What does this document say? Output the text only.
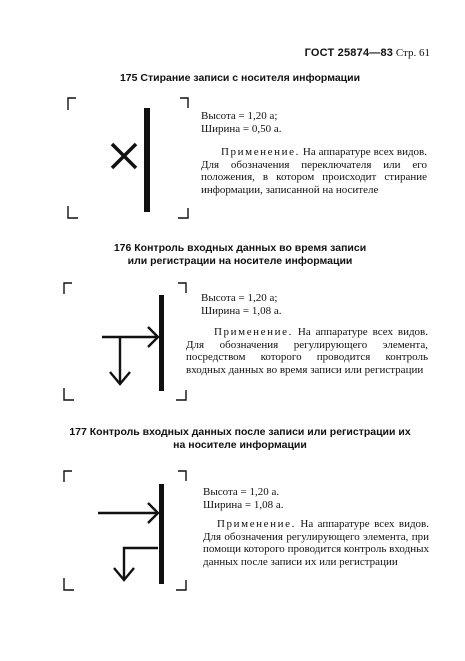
ГОСТ 25874—83 Стр. 61
175 Стирание записи с носителя информации
Высота = 1,20 а;
Ширина = 0,50 а.
Применение. На аппаратуре всех видов. Для обозначения переключателя или его положения, в котором происходит стирание информации, записанной на носителе
176 Контроль входных данных во время записи
или регистрации на носителе информации
Высота = 1,20 а;
Ширина = 1,08 а.
Применение. На аппаратуре всех видов. Для обозначения регулирующего элемента, посредством которого проводится контроль входных данных во время записи или регистрации
177 Контроль входных данных после записи или регистрации их
на носителе информации
Высота = 1,20 а.
Ширина = 1,08 а.
Применение. На аппаратуре всех видов. Для обозначения регулирующего элемента, при помощи которого проводится контроль входных данных после записи их или регистрации
